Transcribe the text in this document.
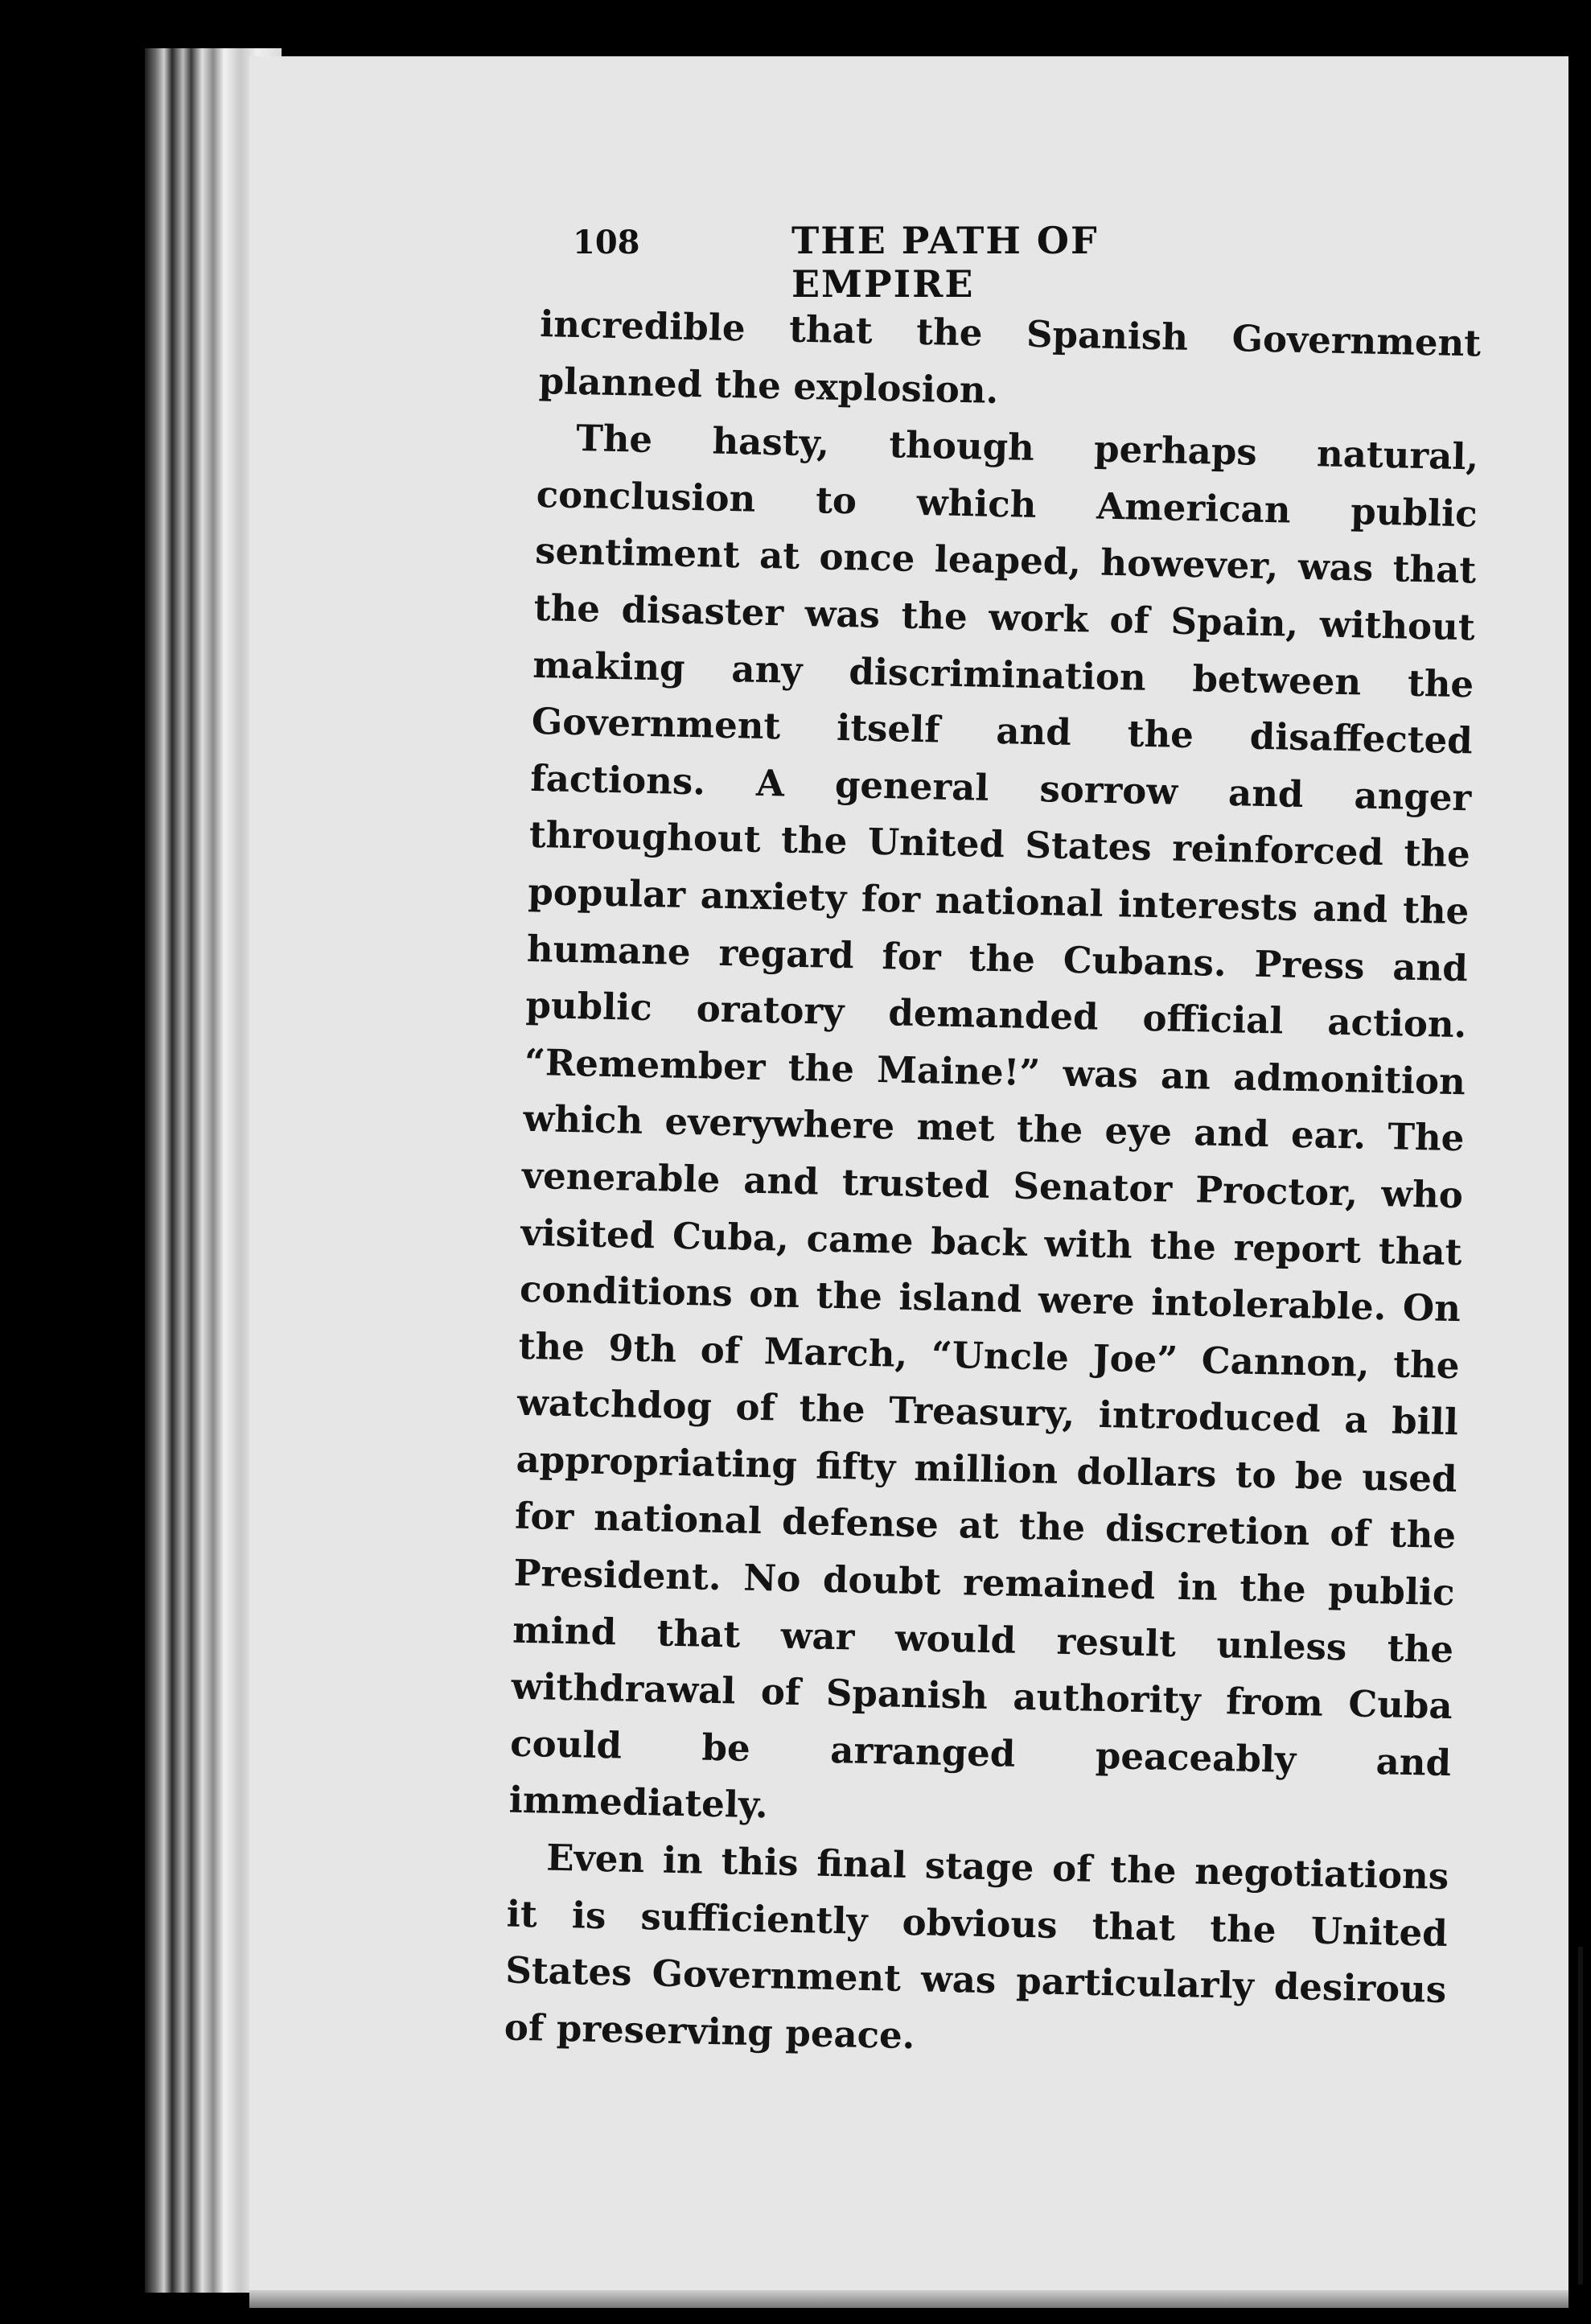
108	THE PATH OF EMPIRE

incredible that the Spanish Government planned the explosion.

The hasty, though perhaps natural, conclusion to which American public sentiment at once leaped, however, was that the disaster was the work of Spain, without making any discrimination between the Government itself and the disaffected factions. A general sorrow and anger throughout the United States reinforced the popular anxiety for national interests and the humane regard for the Cubans. Press and public oratory demanded official action. “Remember the Maine!” was an admonition which everywhere met the eye and ear. The venerable and trusted Senator Proctor, who visited Cuba, came back with the report that conditions on the island were intolerable. On the 9th of March, “Uncle Joe” Cannon, the watchdog of the Treasury, introduced a bill appropriating fifty million dollars to be used for national defense at the discretion of the President. No doubt remained in the public mind that war would result unless the withdrawal of Spanish authority from Cuba could be arranged peaceably and immediately.

Even in this final stage of the negotiations it is sufficiently obvious that the United States Government was particularly desirous of preserving peace.
